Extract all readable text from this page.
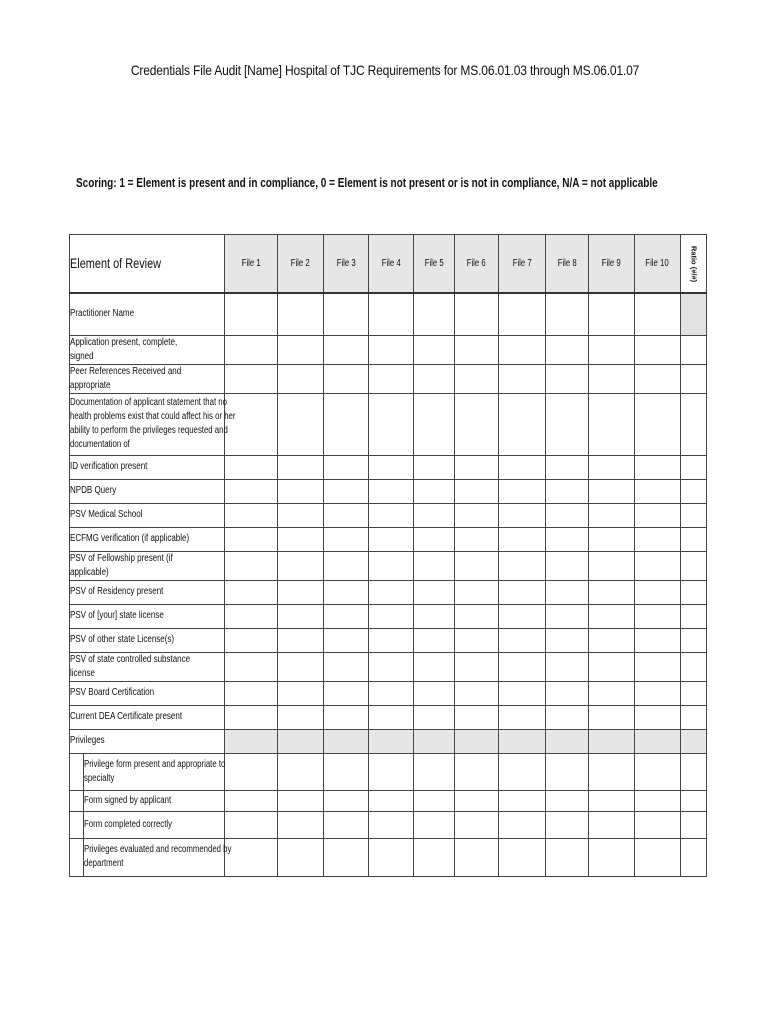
Credentials File Audit [Name] Hospital of TJC Requirements for MS.06.01.03 through MS.06.01.07
Scoring: 1 = Element is present and in compliance, 0 = Element is not present or is not in compliance, N/A = not applicable
Element of Review		File 1	File 2	File 3	File 4	File 5	File 6	File 7	File 8	File 9	File 10	Ratio (#/#)

Practitioner Name												
Application present, complete, signed												
Peer References Received and appropriate												

Documentation of applicant statement that no
health problems exist that could affect his or her
ability to perform the privileges requested and
documentation of												

ID verification present												
NPDB Query												
PSV Medical School												
ECFMG verification (if applicable)												
PSV of Fellowship present (if applicable)												
PSV of Residency present												
PSV of [your] state license												
PSV of other state License(s)												
PSV of state controlled substance license												
PSV Board Certification												
Current DEA Certificate present												
Privileges												

	Privilege form present and appropriate to
specialty											

	Form signed by applicant											

	Form completed correctly											

	Privileges evaluated and recommended by
department											
